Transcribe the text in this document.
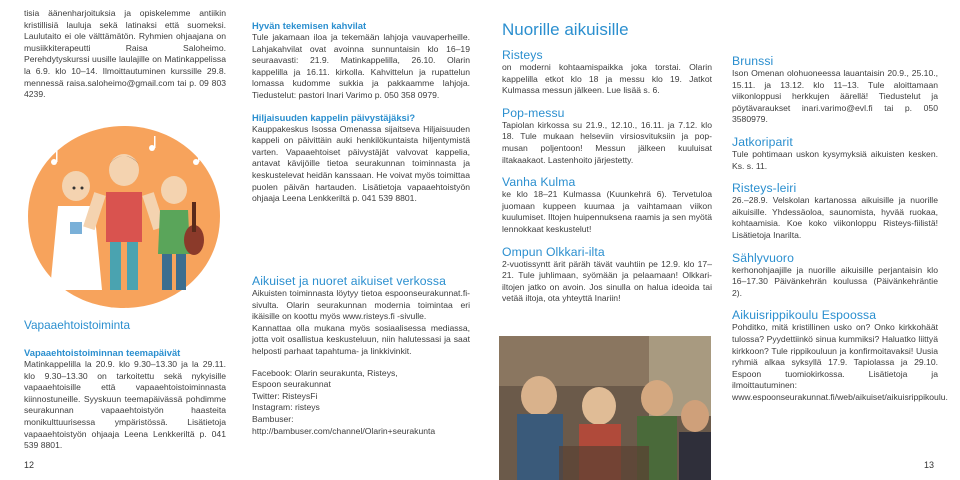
tisia äänenharjoituksia ja opiskelemme antiikin kristillisiä lauluja sekä latinaksi että suomeksi. Laulutaito ei ole välttämätön. Ryhmien ohjaajana on musiikkiterapeutti Raisa Saloheimo. Perehdytyskurssi uusille laulajille on Matinkappelissa la 6.9. klo 10–14. Ilmoittautuminen kurssille 29.8. mennessä raisa.saloheimo@gmail.com tai p. 09 803 4239.

Vapaaehtoistoiminta
Vapaaehtoistoiminnan teemapäivät

Matinkappelilla la 20.9. klo 9.30–13.30 ja la 29.11. klo 9.30–13.30 on tarkoitettu sekä nykyisille vapaaehtoisille että vapaaehtoistoiminnasta kiinnostuneille. Syyskuun teemapäivässä pohdimme seurakunnan vapaaehtoistyön haasteita monikulttuurisessa ympäristössä. Lisätietoja vapaaehtoistyön ohjaaja Leena Lenkkeriltä p. 041 539 8801.

12
Hyvän tekemisen kahvilat

Tule jakamaan iloa ja tekemään lahjoja vauvaperheille. Lahjakahvilat ovat avoinna sunnuntaisin klo 16–19 seuraavasti: 21.9. Matinkappelilla, 26.10. Olarin kappelilla ja 16.11. kirkolla. Kahvittelun ja rupattelun lomassa kudomme sukkia ja pakkaamme lahjoja. Tiedustelut: pastori Inari Varimo p. 050 358 0979.

Hiljaisuuden kappelin päivystäjäksi?

Kauppakeskus Isossa Omenassa sijaitseva Hiljaisuuden kappeli on päivittäin auki henkilökuntaista hiljentymistä varten. Vapaaehtoiset päivystäjät valvovat kappelia, antavat kävijöille tietoa seurakunnan toiminnasta ja keskustelevat heidän kanssaan. He voivat myös toimittaa puolen päivän hartauden. Lisätietoja vapaaehtoistyön ohjaaja Leena Lenkkeriltä p. 041 539 8801.

Aikuiset ja nuoret aikuiset verkossa

Aikuisten toiminnasta löytyy tietoa espoonseurakunnat.fi-sivulta. Olarin seurakunnan modernia toimintaa eri ikäisille on koottu myös www.risteys.fi -sivulle.

Kannattaa olla mukana myös sosiaalisessa mediassa, jotta voit osallistua keskusteluun, niin halutessasi ja saat helposti parhaat tapahtuma- ja linkkivinkit.

Facebook: Olarin seurakunta, Risteys,

Espoon seurakunnat

Twitter: RisteysFi

Instagram: risteys

Bambuser:

http://bambuser.com/channel/Olarin+seurakunta

Nuorille aikuisille
Risteys

on moderni kohtaamispaikka joka torstai. Olarin kappelilla etkot klo 18 ja messu klo 19. Jatkot Kulmassa messun jälkeen. Lue lisää s. 6.

Pop-messu

Tapiolan kirkossa su 21.9., 12.10., 16.11. ja 7.12. klo 18. Tule mukaan helseviin virsiosvituksiin ja pop-musan poljentoon! Messun jälkeen kuuluisat iltakaakaot. Lastenhoito järjestetty.

Vanha Kulma

ke klo 18–21 Kulmassa (Kuunkehrä 6). Tervetuloa juomaan kuppeen kuumaa ja vaihtamaan viikon kuulumiset. Iltojen huipennuksena raamis ja sen myötä lennokkaat keskustelut!

Ompun Olkkari-ilta

2-vuotissyntt ärit päräh tävät vauhtiin pe 12.9. klo 17–21. Tule juhlimaan, syömään ja pelaamaan! Olkkari-iltojen jatko on avoin. Jos sinulla on halua ideoida tai vetää iltoja, ota yhteyttä Inariin!

Brunssi

Ison Omenan olohuoneessa lauantaisin 20.9., 25.10., 15.11. ja 13.12. klo 11–13. Tule aloittamaan viikonloppusi herkkujen äärellä! Tiedustelut ja pöytävaraukset inari.varimo@evl.fi tai p. 050 3580979.

Jatkoriparit

Tule pohtimaan uskon kysymyksiä aikuisten kesken. Ks. s. 11.

Risteys-leiri

26.–28.9. Velskolan kartanossa aikuisille ja nuorille aikuisille. Yhdessäoloa, saunomista, hyvää ruokaa, kohtaamisia. Koe koko viikonloppu Risteys-fiilistä! Lisätietoja Inarilta.

Sählyvuoro

kerhonohjaajille ja nuorille aikuisille perjantaisin klo 16–17.30 Päivänkehrän koulussa (Päivänkehräntie 2).

Aikuisrippikoulu Espoossa

Pohditko, mitä kristillinen usko on? Onko kirkkohäät tulossa? Pyydettiinkö sinua kummiksi? Haluatko liittyä kirkkoon? Tule rippikouluun ja konfirmoitavaksi! Uusia ryhmiä alkaa syksyllä 17.9. Tapiolassa ja 29.10. Espoon tuomiokirkossa. Lisätietoja ja ilmoittautuminen: www.espoonseurakunnat.fi/web/aikuiset/aikuisrippikoulu.

13
